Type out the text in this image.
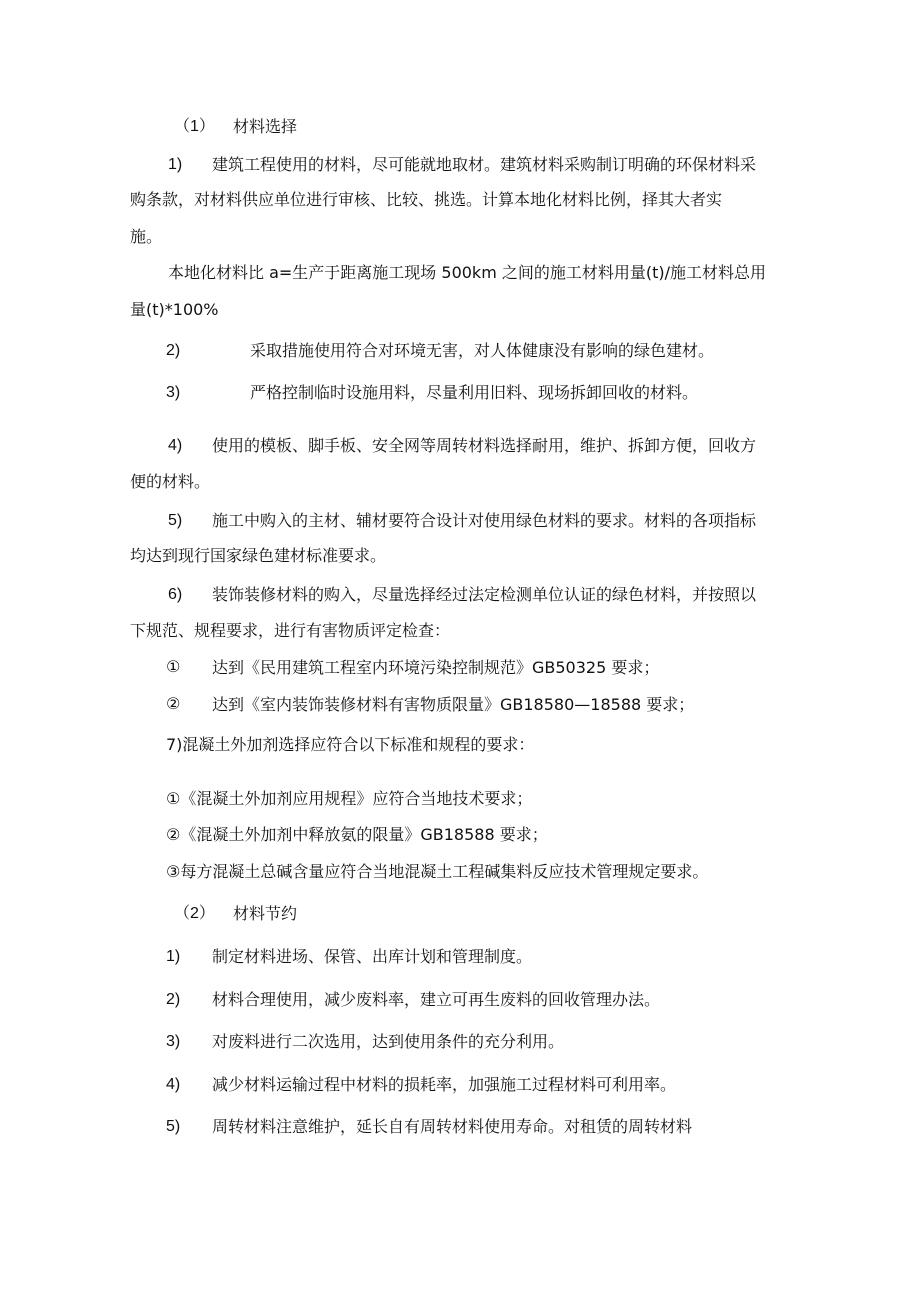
（1） 材料选择
1) 建筑工程使用的材料，尽可能就地取材。建筑材料采购制订明确的环保材料采
购条款，对材料供应单位进行审核、比较、挑选。计算本地化材料比例，择其大者实
施。
本地化材料比 a=生产于距离施工现场 500km 之间的施工材料用量(t)/施工材料总用
量(t)*100%
2)	采取措施使用符合对环境无害，对人体健康没有影响的绿色建材。
3)	严格控制临时设施用料，尽量利用旧料、现场拆卸回收的材料。
4) 使用的模板、脚手板、安全网等周转材料选择耐用，维护、拆卸方便，回收方
便的材料。
5) 施工中购入的主材、辅材要符合设计对使用绿色材料的要求。材料的各项指标
均达到现行国家绿色建材标准要求。
6) 装饰装修材料的购入，尽量选择经过法定检测单位认证的绿色材料，并按照以
下规范、规程要求，进行有害物质评定检查：
① 达到《民用建筑工程室内环境污染控制规范》GB50325 要求；
② 达到《室内装饰装修材料有害物质限量》GB18580—18588 要求；
7)混凝土外加剂选择应符合以下标准和规程的要求：
①《混凝土外加剂应用规程》应符合当地技术要求；
②《混凝土外加剂中释放氨的限量》GB18588 要求；
③每方混凝土总碱含量应符合当地混凝土工程碱集料反应技术管理规定要求。
（2） 材料节约
1) 制定材料进场、保管、出库计划和管理制度。
2) 材料合理使用，减少废料率，建立可再生废料的回收管理办法。
3) 对废料进行二次选用，达到使用条件的充分利用。
4) 减少材料运输过程中材料的损耗率，加强施工过程材料可利用率。
5) 周转材料注意维护，延长自有周转材料使用寿命。对租赁的周转材料
